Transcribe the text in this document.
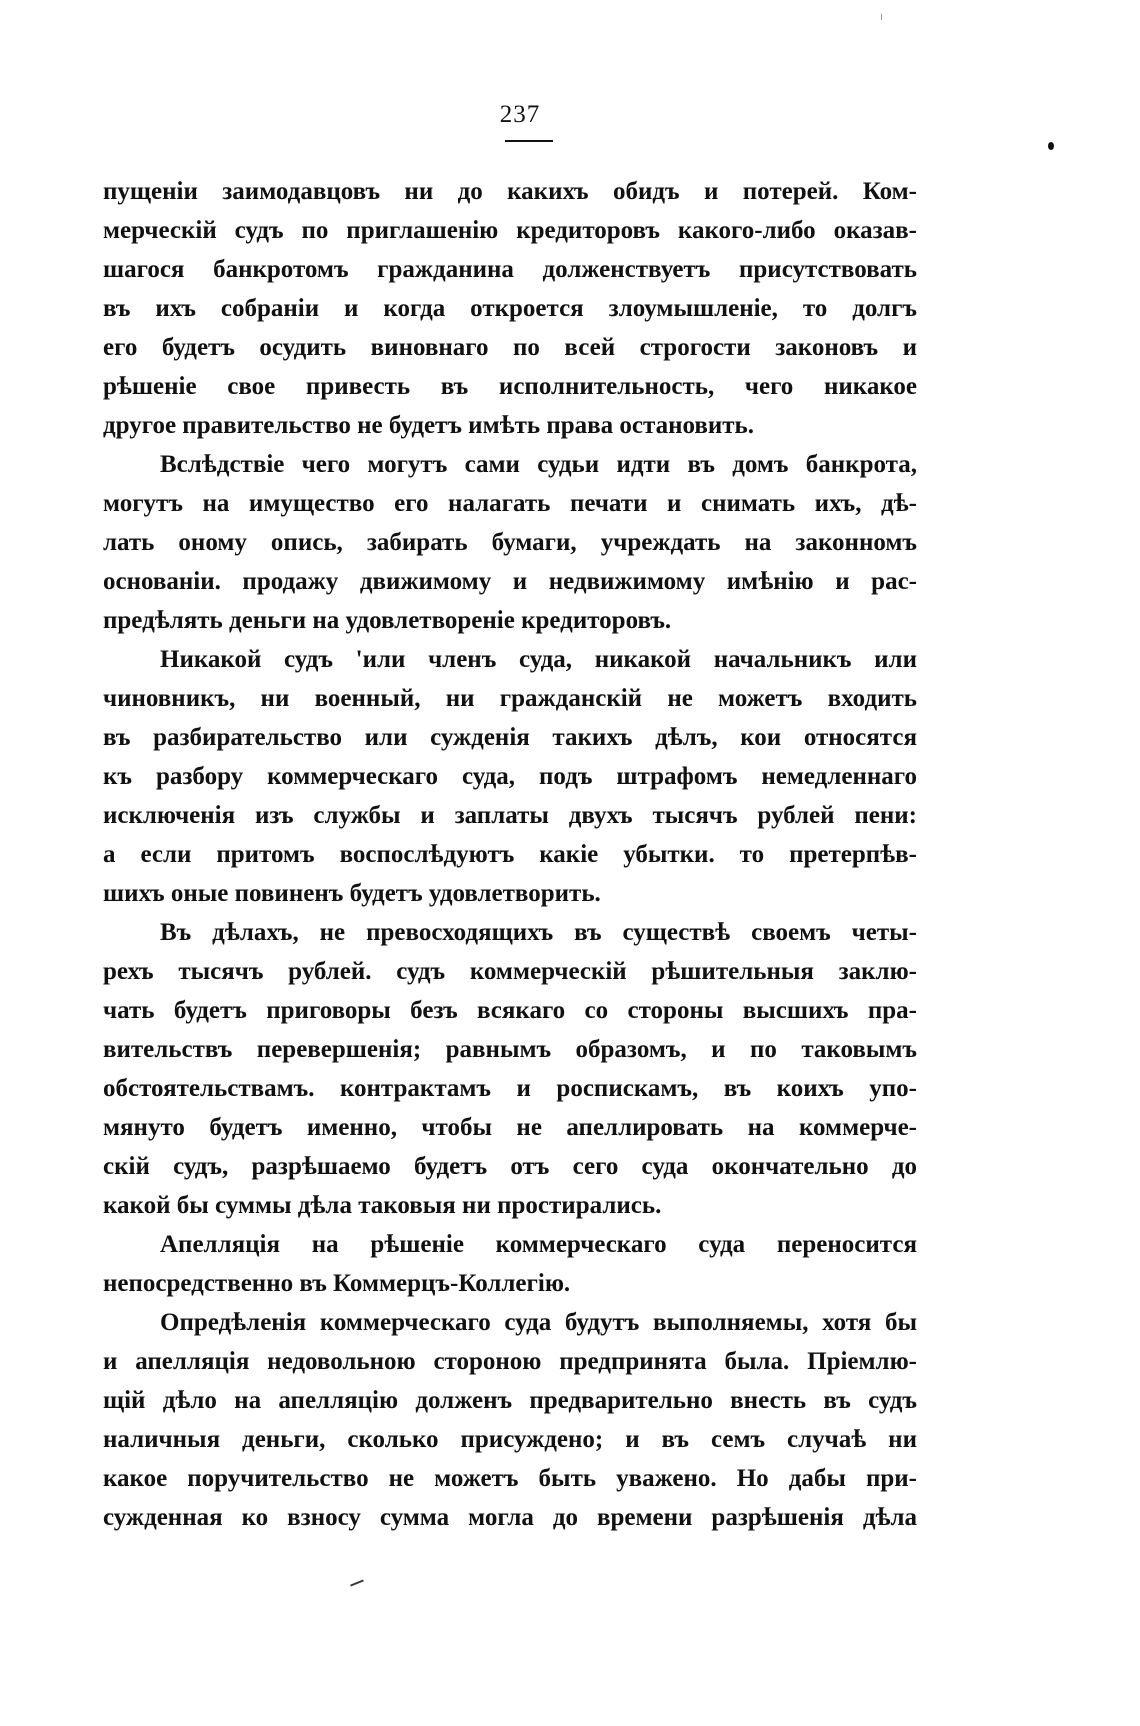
237
пущеніи заимодавцовъ ни до какихъ обидъ и потерей. Ком-
мерческій судъ по приглашенію кредиторовъ какого-либо оказав-
шагося банкротомъ гражданина долженствуетъ присутствовать
въ ихъ собраніи и когда откроется злоумышленіе, то долгъ
его будетъ осудить виновнаго по всей строгости законовъ и
рѣшеніе свое привесть въ исполнительность, чего никакое
другое правительство не будетъ имѣть права остановить.
Вслѣдствіе чего могутъ сами судьи идти въ домъ банкрота,
могутъ на имущество его налагать печати и снимать ихъ, дѣ-
лать оному опись, забирать бумаги, учреждать на законномъ
основаніи. продажу движимому и недвижимому имѣнію и рас-
предѣлять деньги на удовлетвореніе кредиторовъ.
Никакой судъ 'или членъ суда, никакой начальникъ или
чиновникъ, ни военный, ни гражданскій не можетъ входить
въ разбирательство или сужденія такихъ дѣлъ, кои относятся
къ разбору коммерческаго суда, подъ штрафомъ немедленнаго
исключенія изъ службы и заплаты двухъ тысячъ рублей пени:
а если притомъ воспослѣдуютъ какіе убытки. то претерпѣв-
шихъ оные повиненъ будетъ удовлетворить.
Въ дѣлахъ, не превосходящихъ въ существѣ своемъ четы-
рехъ тысячъ рублей. судъ коммерческій рѣшительныя заклю-
чать будетъ приговоры безъ всякаго со стороны высшихъ пра-
вительствъ перевершенія; равнымъ образомъ, и по таковымъ
обстоятельствамъ. контрактамъ и роспискамъ, въ коихъ упо-
мянуто будетъ именно, чтобы не апеллировать на коммерче-
скій судъ, разрѣшаемо будетъ отъ сего суда окончательно до
какой бы суммы дѣла таковыя ни простирались.
Апелляція на рѣшеніе коммерческаго суда переносится
непосредственно въ Коммерцъ-Коллегію.
Опредѣленія коммерческаго суда будутъ выполняемы, хотя бы
и апелляція недовольною стороною предпринята была. Пріемлю-
щій дѣло на апелляцію долженъ предварительно внесть въ судъ
наличныя деньги, сколько присуждено; и въ семъ случаѣ ни
какое поручительство не можетъ быть уважено. Но дабы при-
сужденная ко взносу сумма могла до времени разрѣшенія дѣла
